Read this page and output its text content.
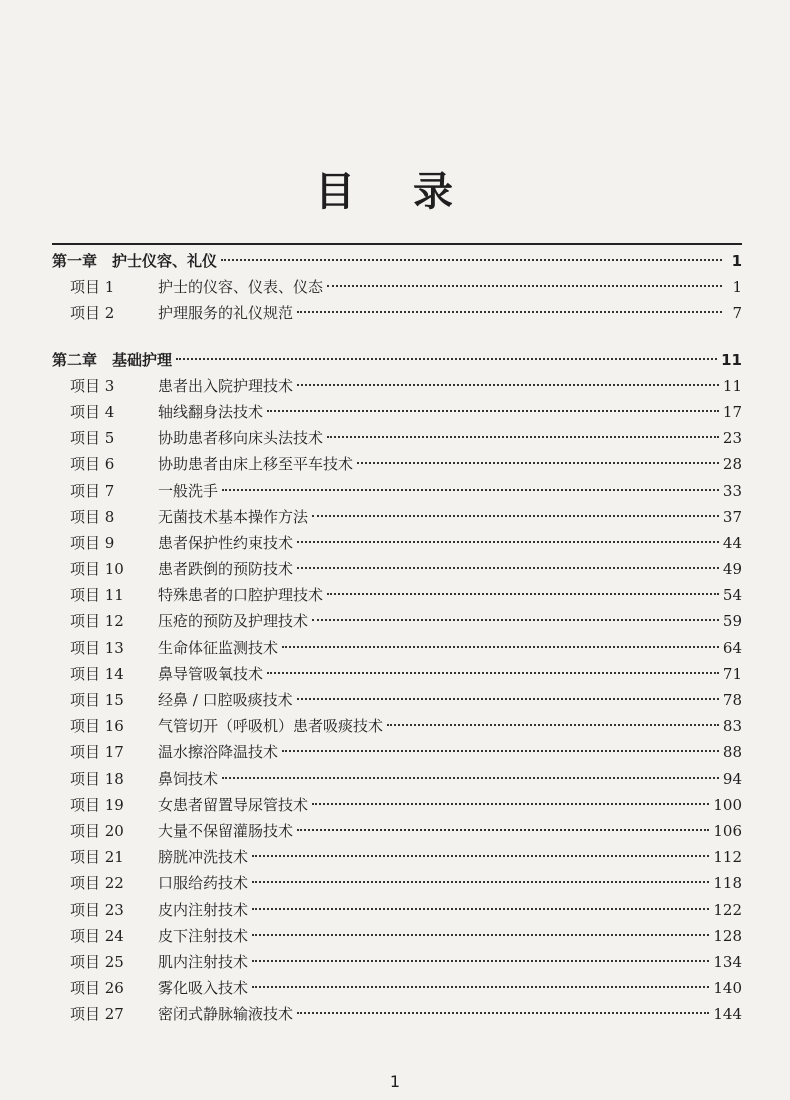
目 录
第一章　护士仪容、礼仪	1
项目 1	护士的仪容、仪表、仪态	1
项目 2	护理服务的礼仪规范	7
第二章　基础护理	11
项目 3	患者出入院护理技术	11
项目 4	轴线翻身法技术	17
项目 5	协助患者移向床头法技术	23
项目 6	协助患者由床上移至平车技术	28
项目 7	一般洗手	33
项目 8	无菌技术基本操作方法	37
项目 9	患者保护性约束技术	44
项目 10 患者跌倒的预防技术	49
项目 11 特殊患者的口腔护理技术	54
项目 12 压疮的预防及护理技术	59
项目 13 生命体征监测技术	64
项目 14 鼻导管吸氧技术	71
项目 15 经鼻 / 口腔吸痰技术	78
项目 16 气管切开（呼吸机）患者吸痰技术	83
项目 17 温水擦浴降温技术	88
项目 18 鼻饲技术	94
项目 19 女患者留置导尿管技术	100
项目 20 大量不保留灌肠技术	106
项目 21 膀胱冲洗技术	112
项目 22 口服给药技术	118
项目 23 皮内注射技术	122
项目 24 皮下注射技术	128
项目 25 肌内注射技术	134
项目 26 雾化吸入技术	140
项目 27 密闭式静脉输液技术	144
1
